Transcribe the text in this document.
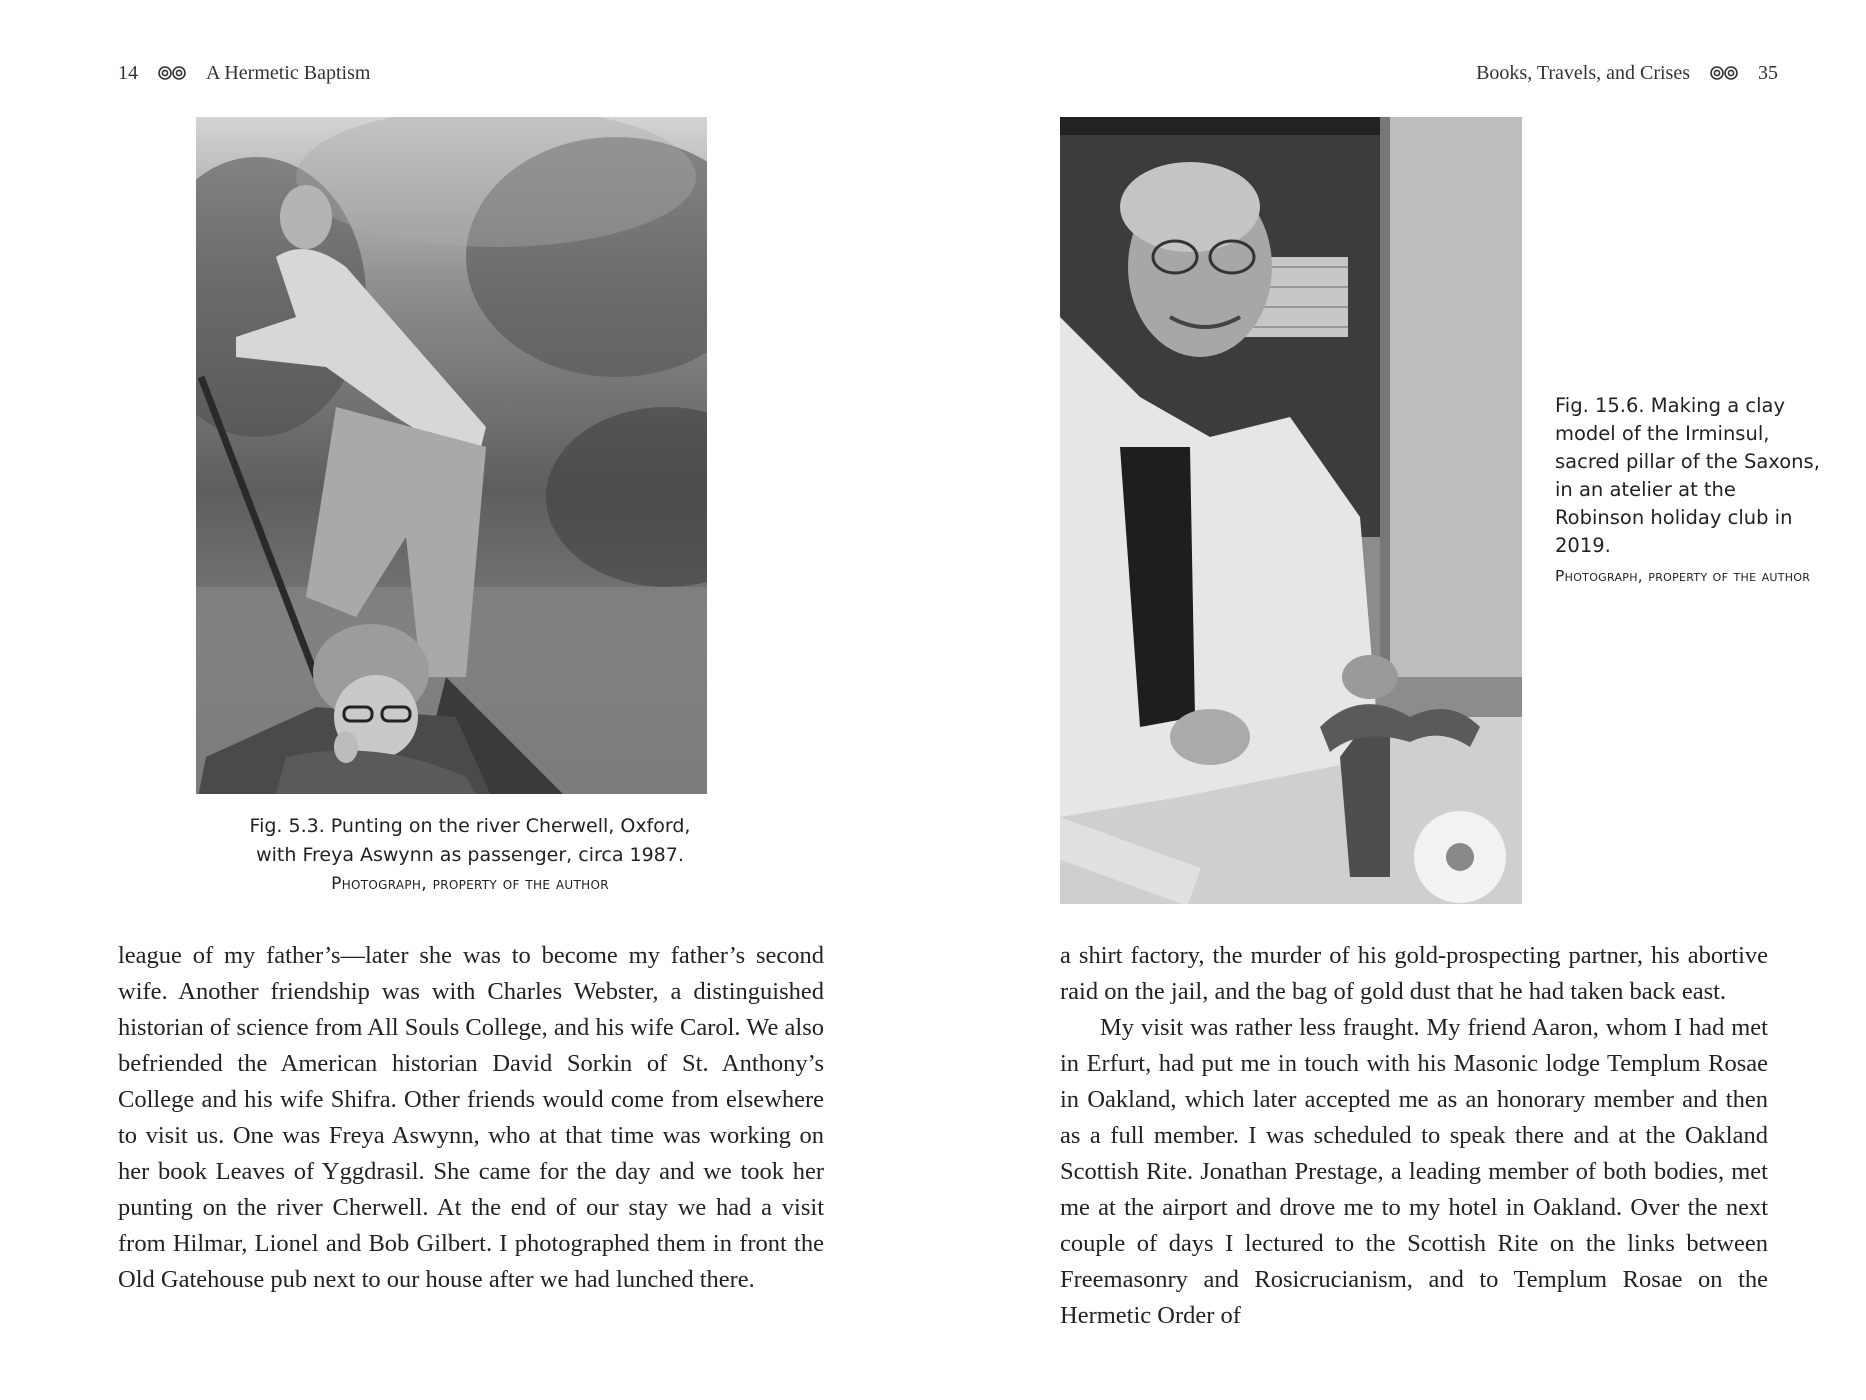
14	A Hermetic Baptism
Fig. 5.3. Punting on the river Cherwell, Oxford,
with Freya Aswynn as passenger, circa 1987.
Photograph, property of the author

league of my father’s—later she was to become my father’s second wife. Another friendship was with Charles Webster, a distinguished historian of science from All Souls College, and his wife Carol. We also befriended the American historian David Sorkin of St. Anthony’s College and his wife Shifra. Other friends would come from elsewhere to visit us. One was Freya Aswynn, who at that time was working on her book Leaves of Yggdrasil. She came for the day and we took her punting on the river Cherwell. At the end of our stay we had a visit from Hilmar, Lionel and Bob Gilbert. I photographed them in front the Old Gatehouse pub next to our house after we had lunched there.

Books, Travels, and Crises	35
Fig. 15.6. Making a clay model of the Irminsul, sacred pillar of the Saxons, in an atelier at the Robinson holiday club in 2019.
Photograph, property of the author

a shirt factory, the murder of his gold-prospecting partner, his abortive raid on the jail, and the bag of gold dust that he had taken back east.

My visit was rather less fraught. My friend Aaron, whom I had met in Erfurt, had put me in touch with his Masonic lodge Templum Rosae in Oakland, which later accepted me as an honorary member and then as a full member. I was scheduled to speak there and at the Oakland Scottish Rite. Jonathan Prestage, a leading member of both bodies, met me at the airport and drove me to my hotel in Oakland. Over the next couple of days I lectured to the Scottish Rite on the links between Freemasonry and Rosicrucianism, and to Templum Rosae on the Hermetic Order of
